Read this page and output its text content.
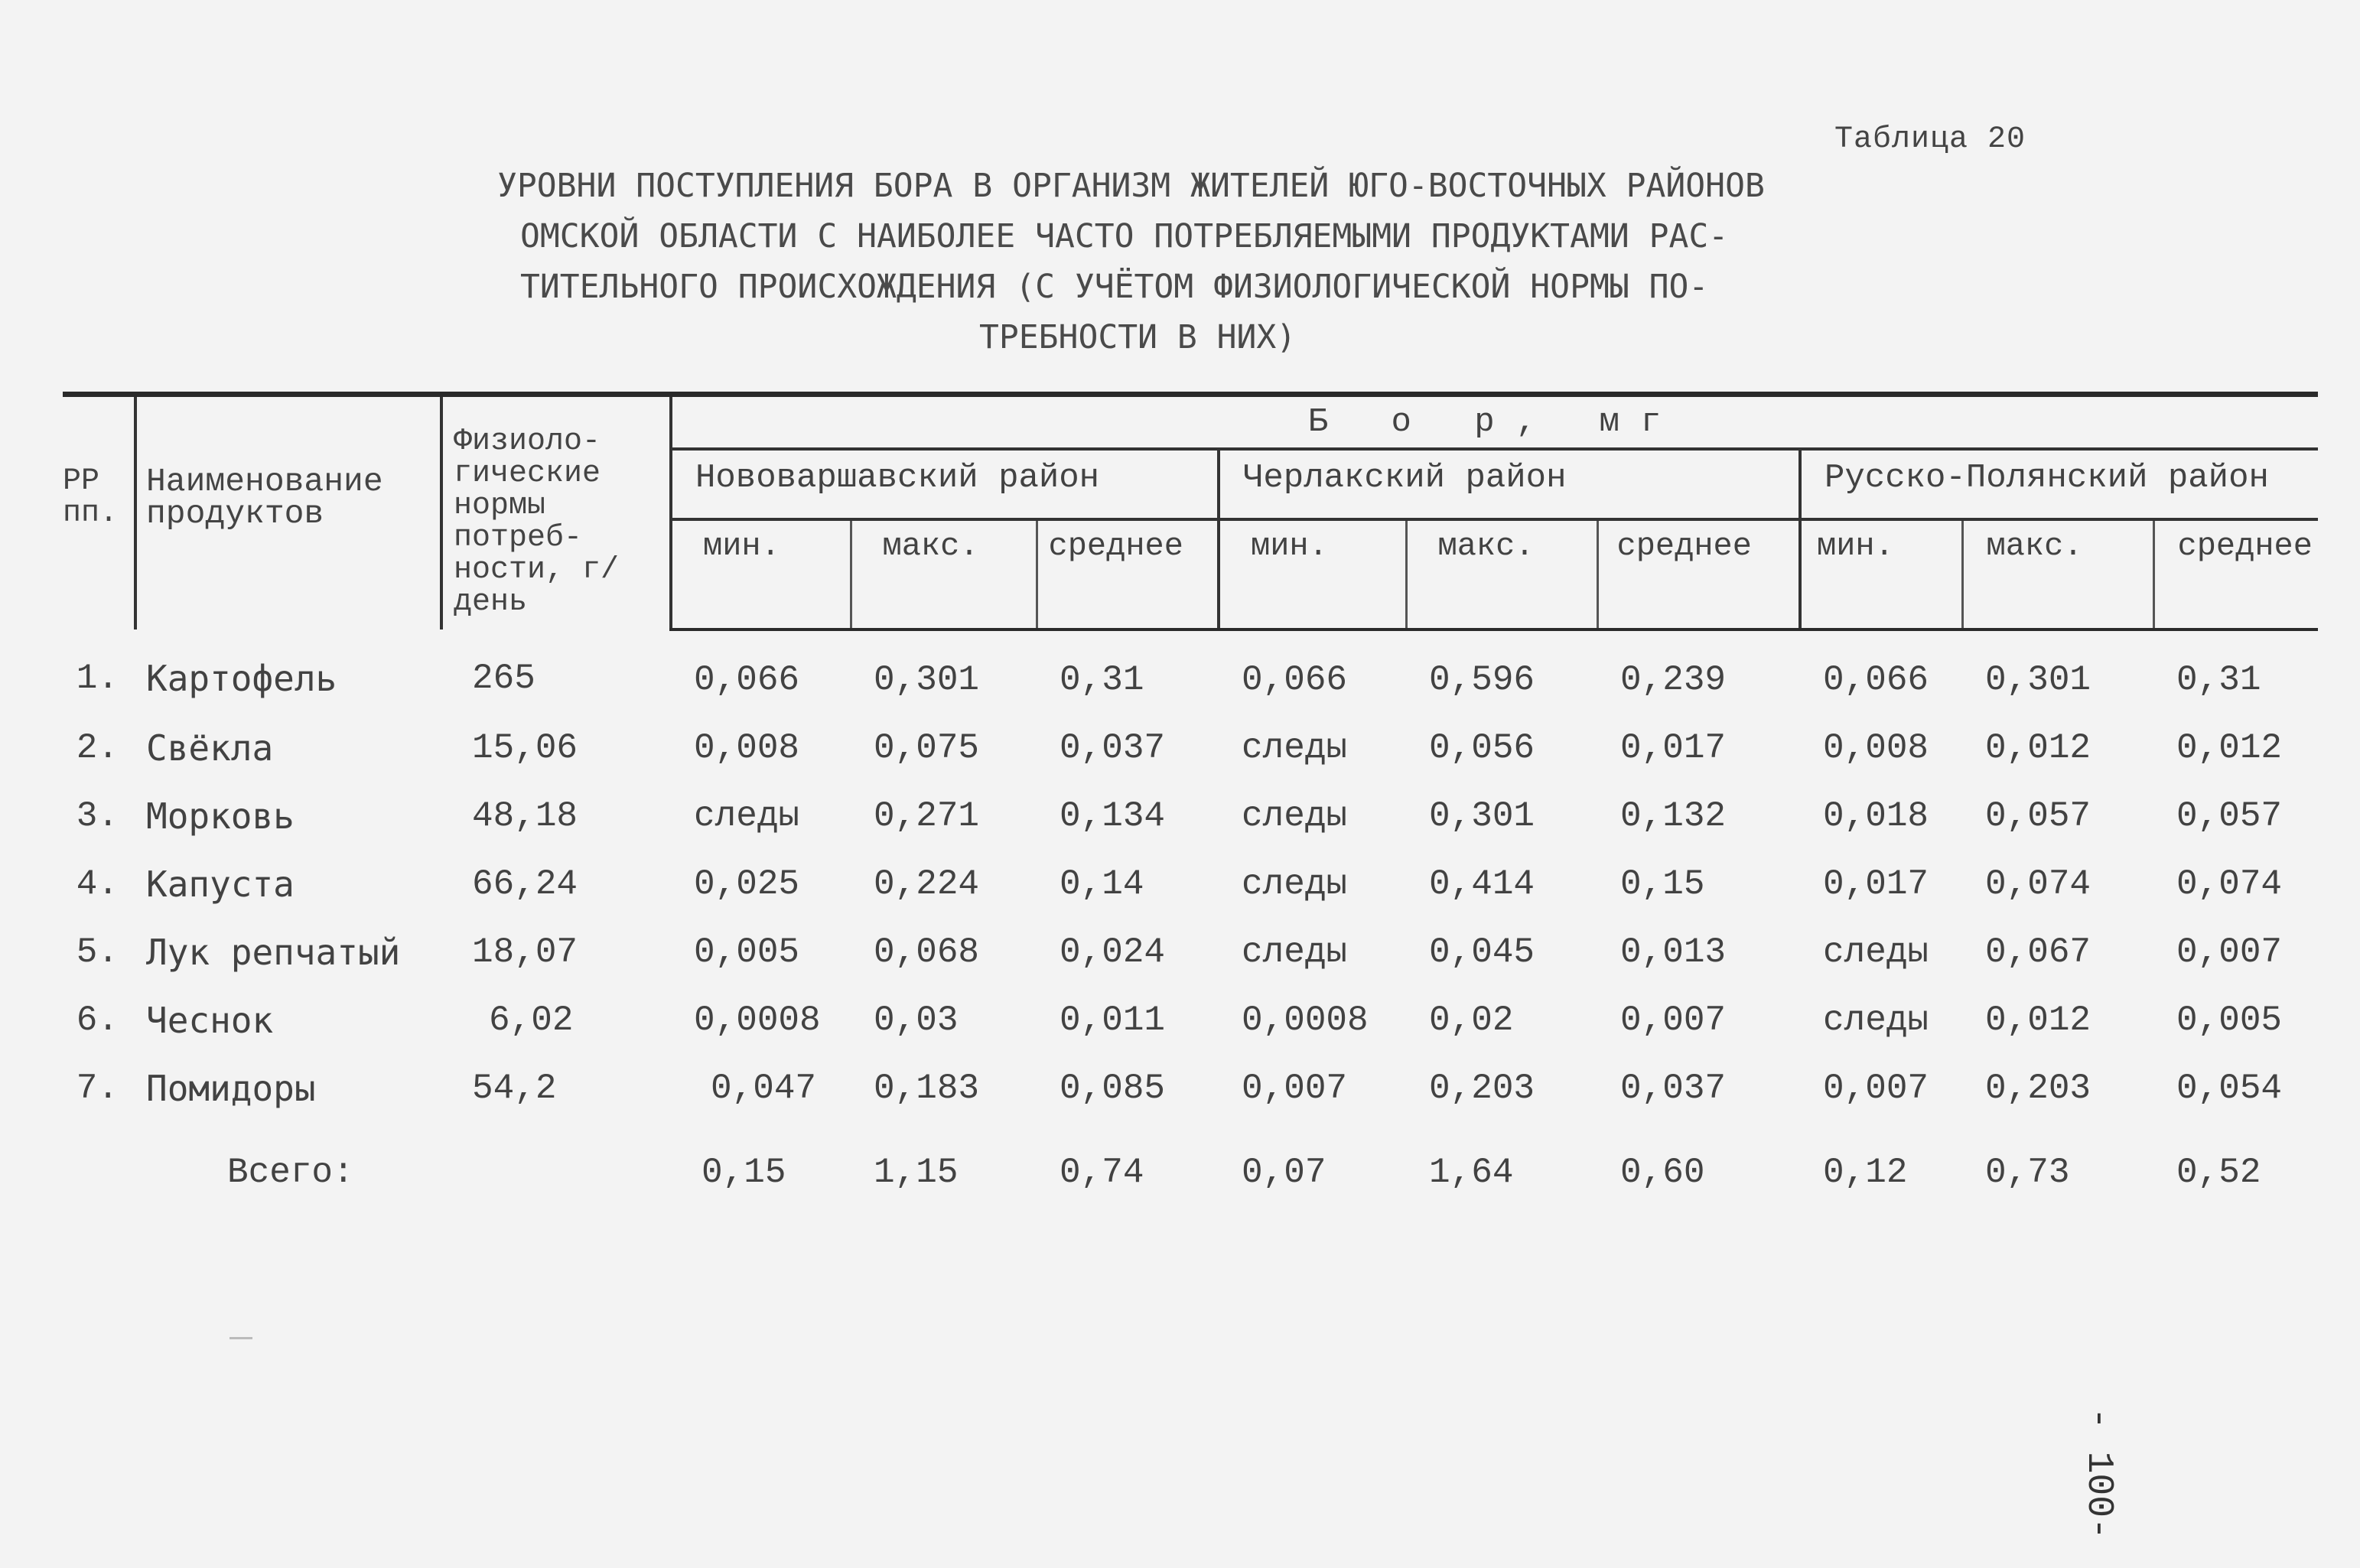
Таблица 20
УРОВНИ ПОСТУПЛЕНИЯ БОРА В ОРГАНИЗМ ЖИТЕЛЕЙ ЮГО-ВОСТОЧНЫХ РАЙОНОВ
ОМСКОЙ ОБЛАСТИ С НАИБОЛЕЕ ЧАСТО ПОТРЕБЛЯЕМЫМИ ПРОДУКТАМИ РАС-
ТИТЕЛЬНОГО ПРОИСХОЖДЕНИЯ (С УЧЁТОМ ФИЗИОЛОГИЧЕСКОЙ НОРМЫ ПО-
ТРЕБНОСТИ В НИХ)
РР пп.	Наименование продуктов	Физиоло-гические нормы потреб-ности, г/день	Б о р, мг								
			Нововаршавский район			Черлакский район			Русско-Полянский район		
			мин.	макс.	среднее	мин.	макс.	среднее	мин.	макс.	среднее
1.	Картофель	265	0,066	0,301	0,31	0,066	0,596	0,239	0,066	0,301	0,31
2.	Свёкла	15,06	0,008	0,075	0,037	следы	0,056	0,017	0,008	0,012	0,012
3.	Морковь	48,18	следы	0,271	0,134	следы	0,301	0,132	0,018	0,057	0,057
4.	Капуста	66,24	0,025	0,224	0,14	следы	0,414	0,15	0,017	0,074	0,074
5.	Лук репчатый	18,07	0,005	0,068	0,024	следы	0,045	0,013	следы	0,067	0,007
6.	Чеснок	6,02	0,0008	0,03	0,011	0,0008	0,02	0,007	следы	0,012	0,005
7.	Помидоры	54,2	0,047	0,183	0,085	0,007	0,203	0,037	0,007	0,203	0,054
	Всего:		0,15	1,15	0,74	0,07	1,64	0,60	0,12	0,73	0,52
- 100-
